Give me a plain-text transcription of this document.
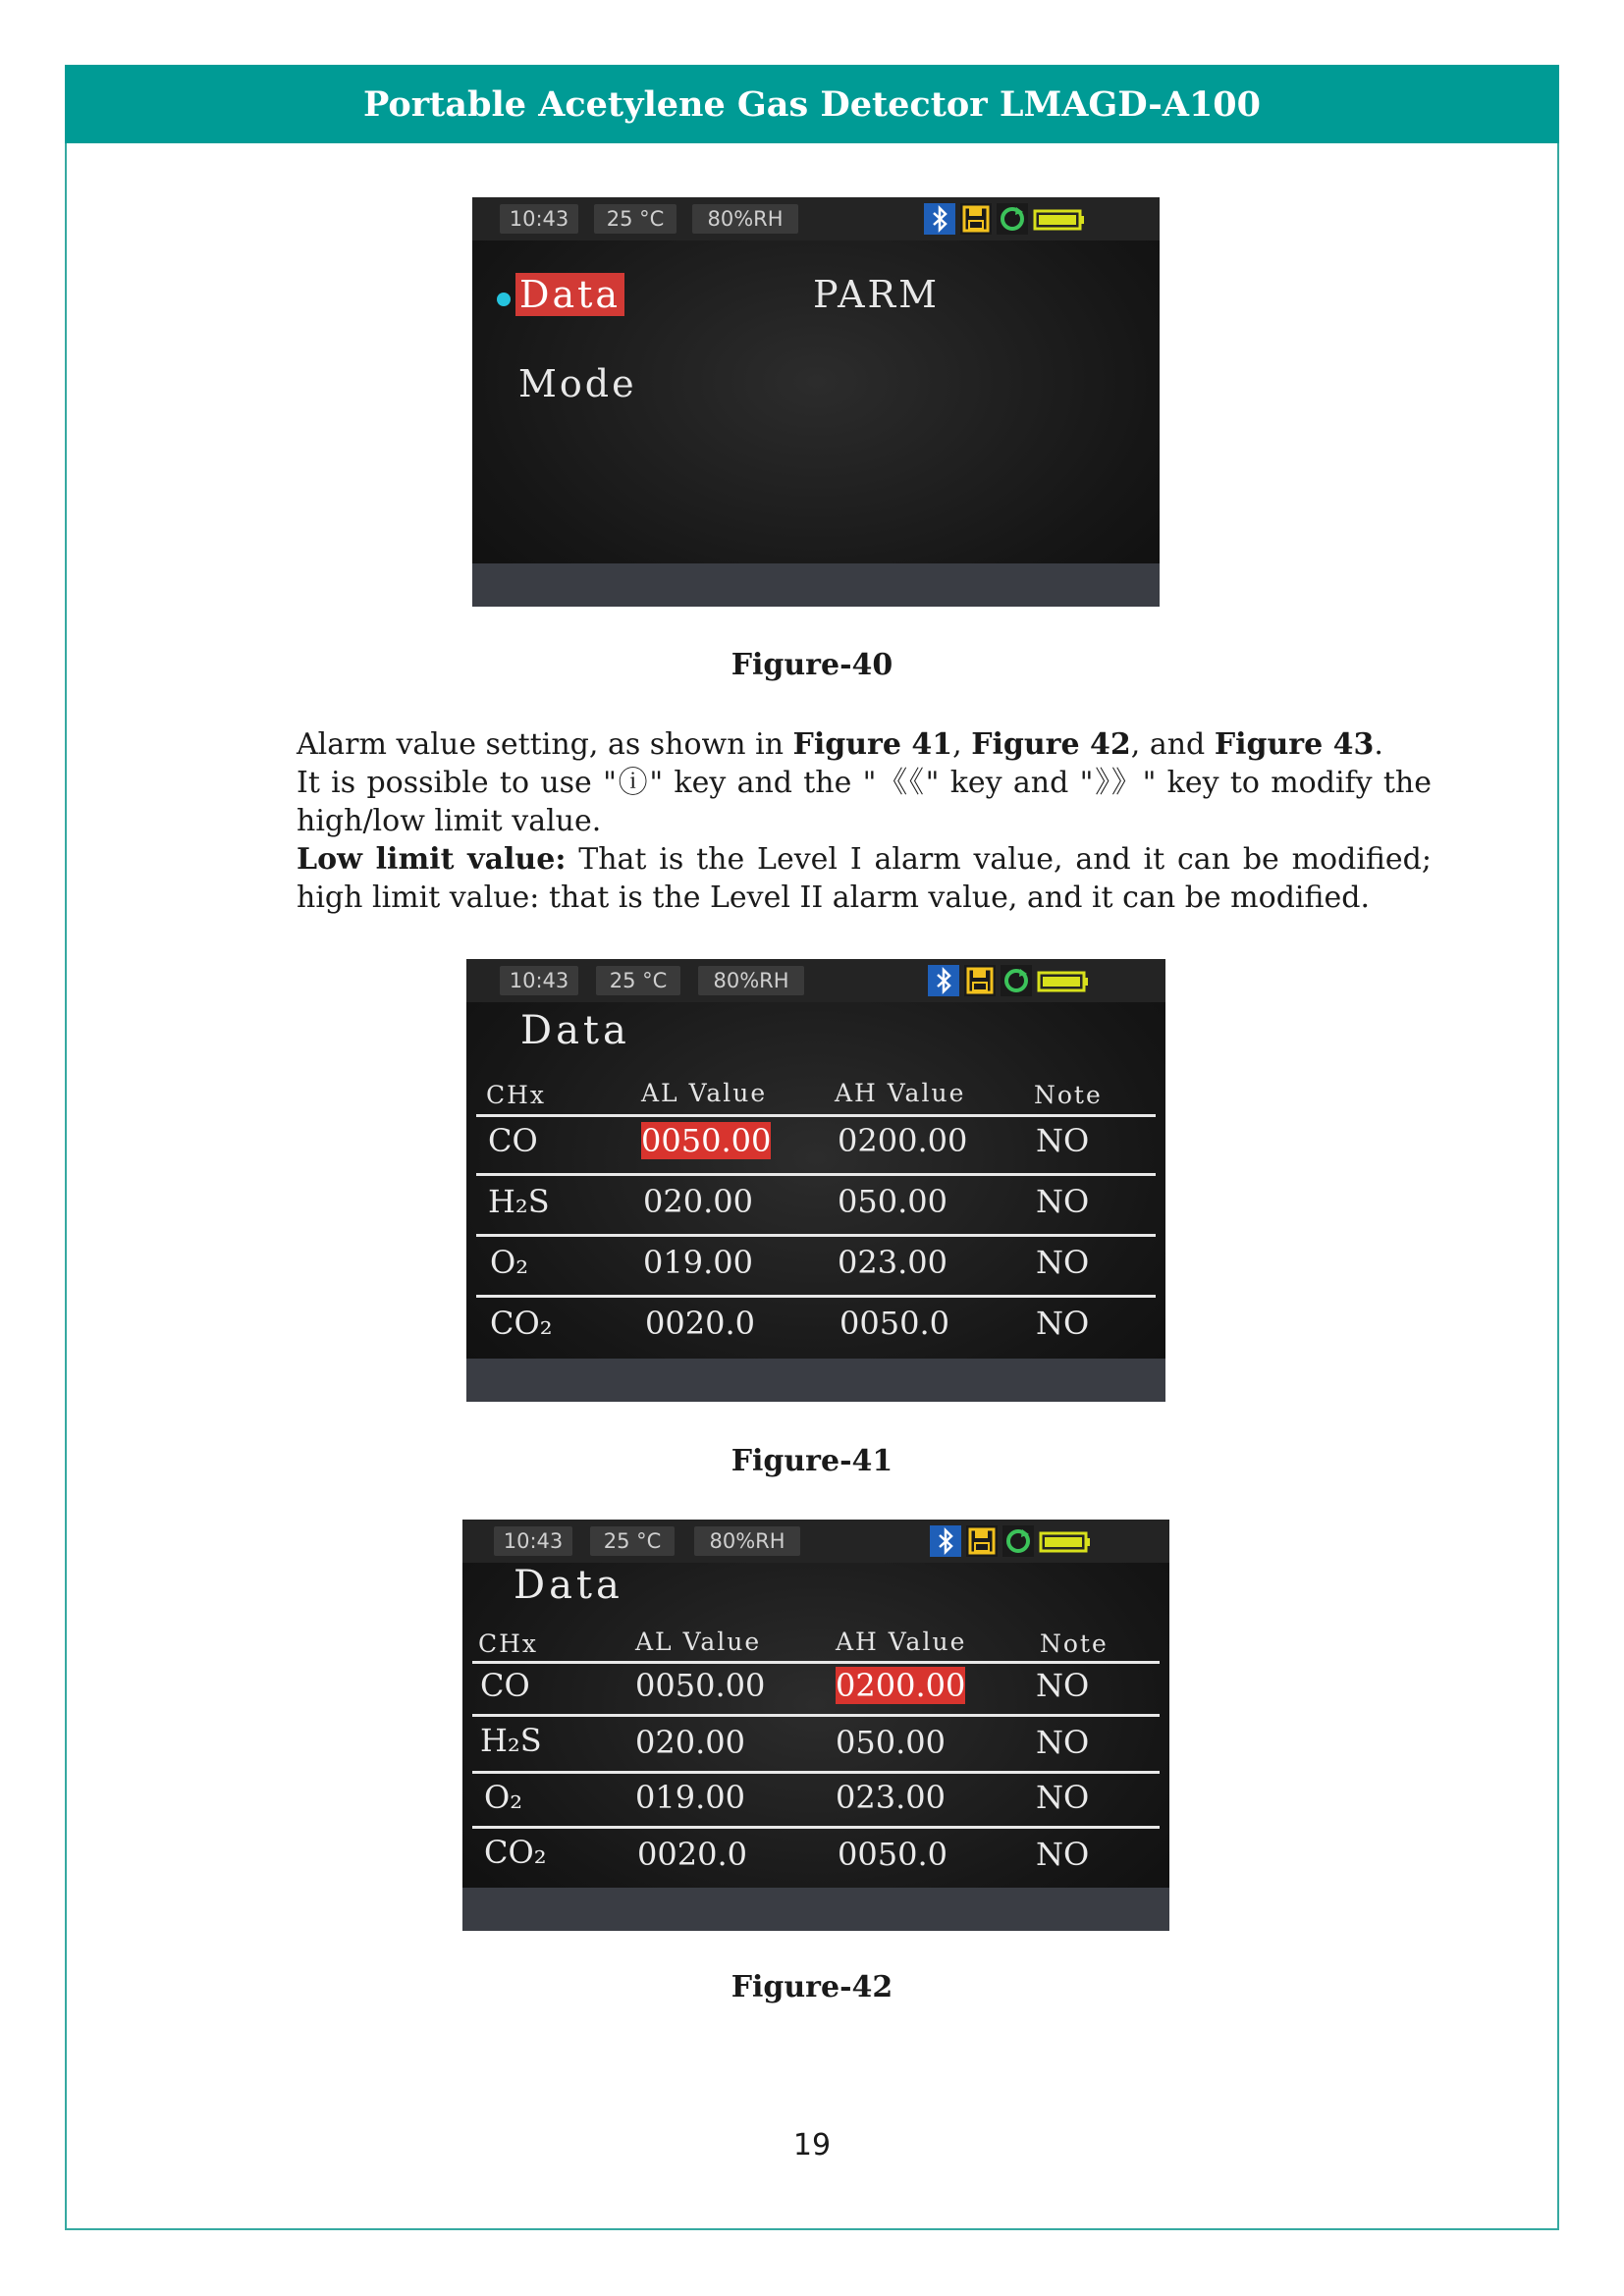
Portable Acetylene Gas Detector LMAGD-A100
10:43	25 °C	80%RH
Data	PARM
Mode
Figure-40

Alarm value setting, as shown in Figure 41, Figure 42, and Figure 43.

It is possible to use "ⓘ" key and the "《《" key and "》》" key to modify the high/low limit value.

Low limit value: That is the Level I alarm value, and it can be modified; high limit value: that is the Level II alarm value, and it can be modified.

10:43	25 °C	80%RH
Data
CHx	AL Value	AH Value	Note
CO	0050.00 0200.00 NO
H₂S	020.00	050.00	NO
O₂	019.00	023.00	NO
CO₂	0020.0	0050.0	NO
Figure-41
10:43	25 °C	80%RH
Data
CHx	AL Value	AH Value	Note
CO	0050.00 0200.00 NO
H₂S	020.00	050.00	NO
O₂	019.00	023.00	NO
CO₂	0020.0	0050.0	NO
Figure-42
19
